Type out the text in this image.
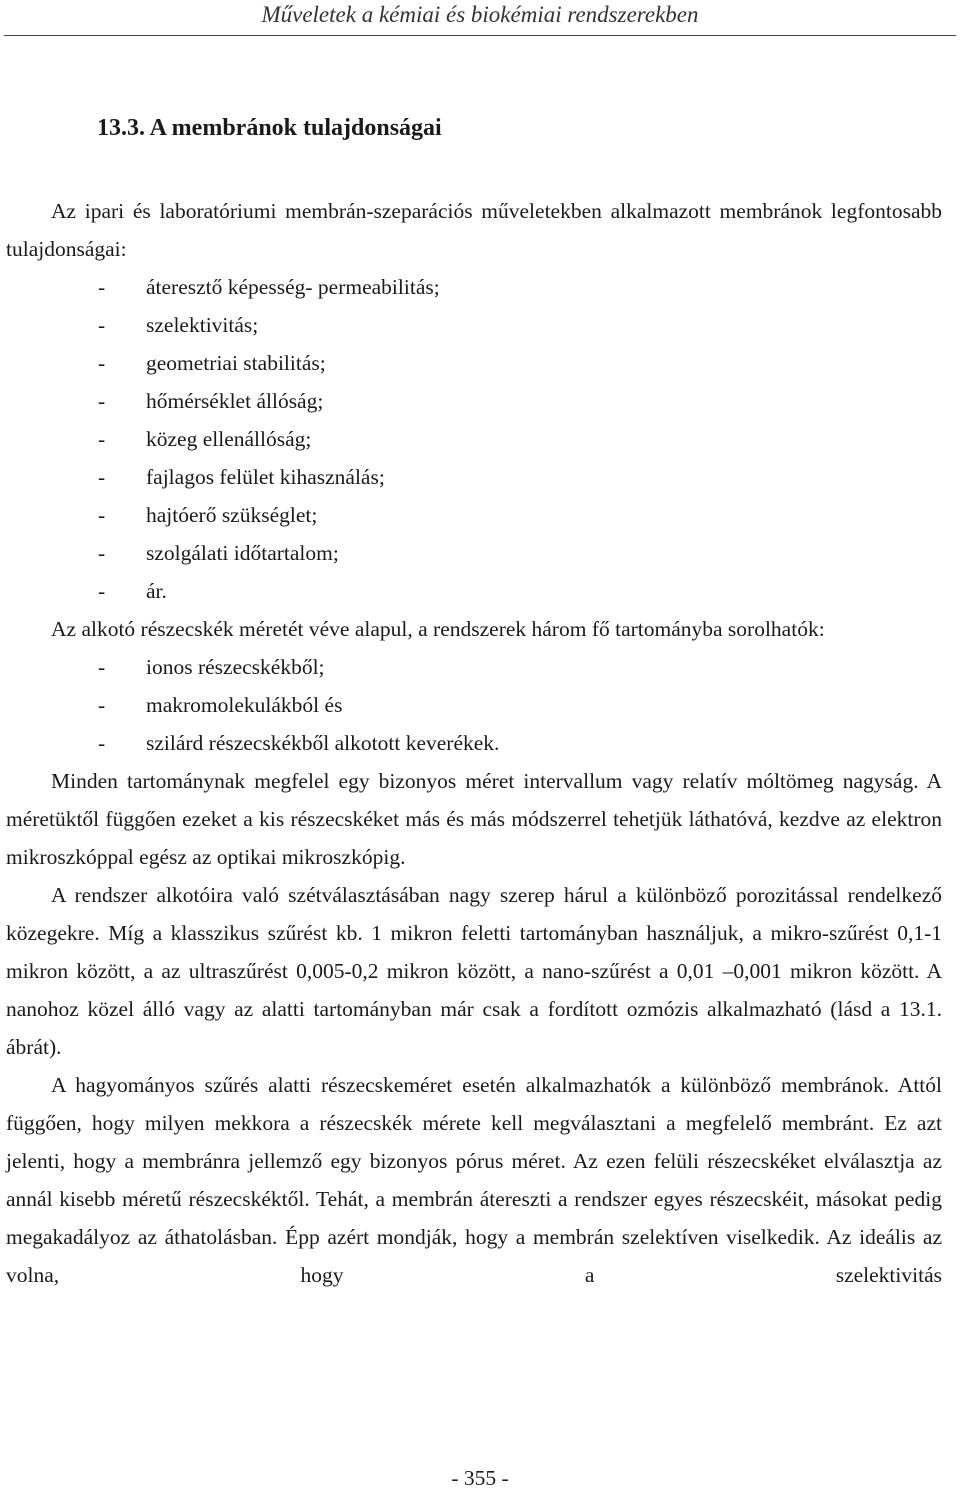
Műveletek a kémiai és biokémiai rendszerekben
13.3. A membránok tulajdonságai

Az ipari és laboratóriumi membrán-szeparációs műveletekben alkalmazott membránok legfontosabb tulajdonságai:

- áteresztő képesség- permeabilitás;
- szelektivitás;
- geometriai stabilitás;
- hőmérséklet állóság;
- közeg ellenállóság;
- fajlagos felület kihasználás;
- hajtóerő szükséglet;
- szolgálati időtartalom;
- ár.

Az alkotó részecskék méretét véve alapul, a rendszerek három fő tartományba sorolhatók:

- ionos részecskékből;
- makromolekulákból és
- szilárd részecskékből alkotott keverékek.

Minden tartománynak megfelel egy bizonyos méret intervallum vagy relatív móltömeg nagyság. A méretüktől függően ezeket a kis részecskéket más és más módszerrel tehetjük láthatóvá, kezdve az elektron mikroszkóppal egész az optikai mikroszkópig.

A rendszer alkotóira való szétválasztásában nagy szerep hárul a különböző porozitással rendelkező közegekre. Míg a klasszikus szűrést kb. 1 mikron feletti tartományban használjuk, a mikro-szűrést 0,1-1 mikron között, a az ultraszűrést 0,005-0,2 mikron között, a nano-szűrést a 0,01 –0,001 mikron között. A nanohoz közel álló vagy az alatti tartományban már csak a fordított ozmózis alkalmazható (lásd a 13.1. ábrát).

A hagyományos szűrés alatti részecskeméret esetén alkalmazhatók a különböző membránok. Attól függően, hogy milyen mekkora a részecskék mérete kell megválasztani a megfelelő membránt. Ez azt jelenti, hogy a membránra jellemző egy bizonyos pórus méret. Az ezen felüli részecskéket elválasztja az annál kisebb méretű részecskéktől. Tehát, a membrán átereszti a rendszer egyes részecskéit, másokat pedig megakadályoz az áthatolásban. Épp azért mondják, hogy a membrán szelektíven viselkedik. Az ideális az volna, hogy a szelektivitás

- 355 -
